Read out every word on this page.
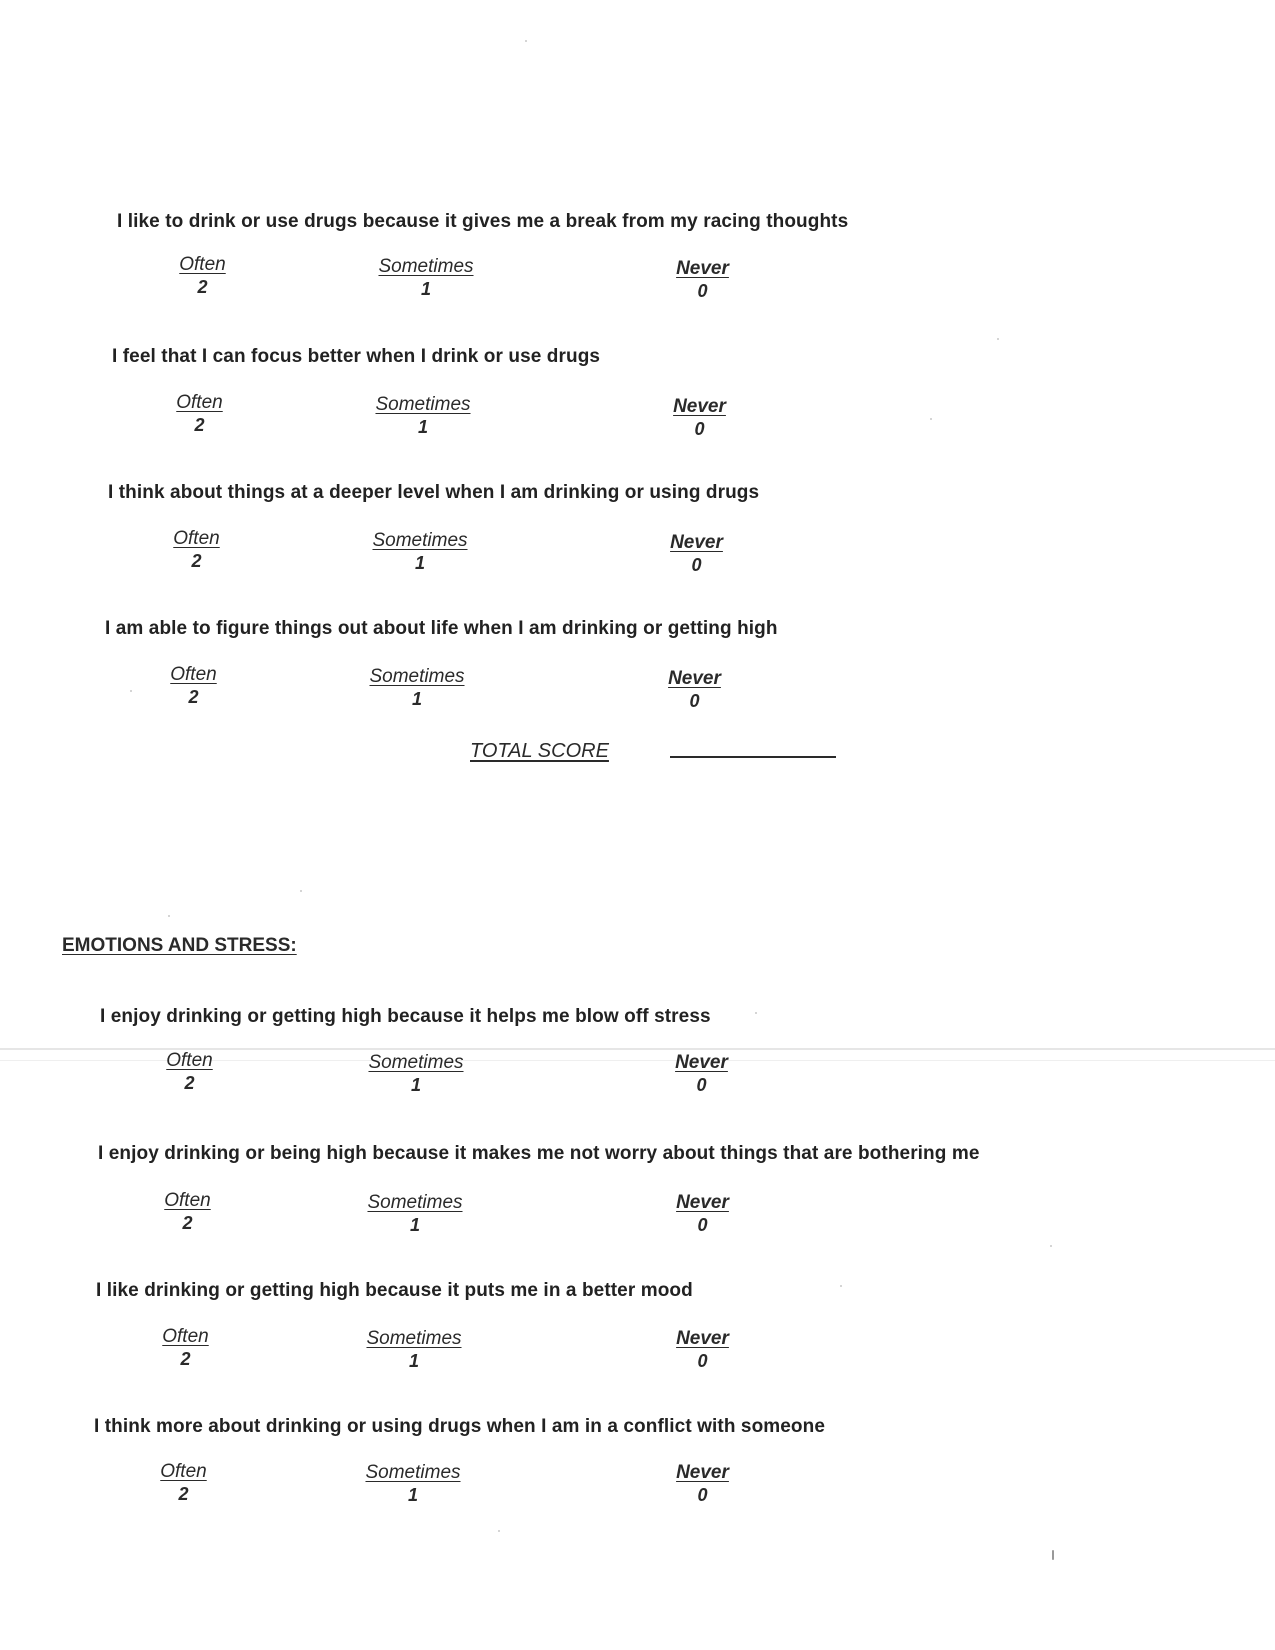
I like to drink or use drugs because it gives me a break from my racing thoughts
Often
2
Sometimes
1
Never
0
I feel that I can focus better when I drink or use drugs
Often
2
Sometimes
1
Never
0
I think about things at a deeper level when I am drinking or using drugs
Often
2
Sometimes
1
Never
0
I am able to figure things out about life when I am drinking or getting high
Often
2
Sometimes
1
Never
0
TOTAL SCORE
EMOTIONS AND STRESS:
I enjoy drinking or getting high because it helps me blow off stress
Often
2
Sometimes
1
Never
0
I enjoy drinking or being high because it makes me not worry about things that are bothering me
Often
2
Sometimes
1
Never
0
I like drinking or getting high because it puts me in a better mood
Often
2
Sometimes
1
Never
0
I think more about drinking or using drugs when I am in a conflict with someone
Often
2
Sometimes
1
Never
0
